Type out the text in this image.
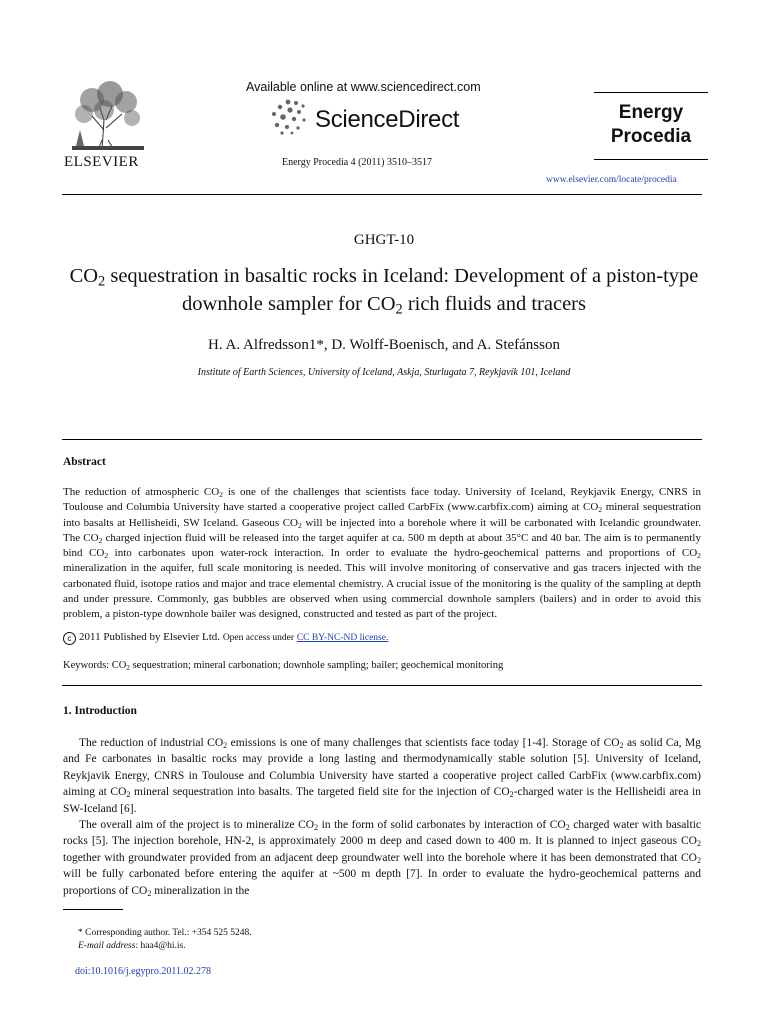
ELSEVIER
Available online at www.sciencedirect.com
ScienceDirect
Energy Procedia 4 (2011) 3510–3517
Energy
Procedia
www.elsevier.com/locate/procedia
GHGT-10
$CO_2$ sequestration in basaltic rocks in Iceland: Development of a piston-type downhole sampler for $CO_2$ rich fluids and tracers
H. A. Alfredsson1*, D. Wolff-Boenisch, and A. Stefánsson
Institute of Earth Sciences, University of Iceland, Askja, Sturlugata 7, Reykjavík 101, Iceland
Abstract

The reduction of atmospheric $CO_2$ is one of the challenges that scientists face today. University of Iceland, Reykjavik Energy, CNRS in Toulouse and Columbia University have started a cooperative project called CarbFix (www.carbfix.com) aiming at $CO_2$ mineral sequestration into basalts at Hellisheidi, SW Iceland. Gaseous $CO_2$ will be injected into a borehole where it will be carbonated with Icelandic groundwater. The $CO_2$ charged injection fluid will be released into the target aquifer at ca. 500 m depth at about 35°C and 40 bar. The aim is to permanently bind $CO_2$ into carbonates upon water-rock interaction. In order to evaluate the hydro-geochemical patterns and proportions of $CO_2$ mineralization in the aquifer, full scale monitoring is needed. This will involve monitoring of conservative and gas tracers injected with the carbonated fluid, isotope ratios and major and trace elemental chemistry. A crucial issue of the monitoring is the quality of the sampling at depth and under pressure. Commonly, gas bubbles are observed when using commercial downhole samplers (bailers) and in order to avoid this problem, a piston-type downhole bailer was designed, constructed and tested as part of the project.

c 2011 Published by Elsevier Ltd. Open access under CC BY-NC-ND license.
Keywords: $CO_2$ sequestration; mineral carbonation; downhole sampling; bailer; geochemical monitoring
1. Introduction

The reduction of industrial $CO_2$ emissions is one of many challenges that scientists face today [1-4]. Storage of $CO_2$ as solid Ca, Mg and Fe carbonates in basaltic rocks may provide a long lasting and thermodynamically stable solution [5]. University of Iceland, Reykjavik Energy, CNRS in Toulouse and Columbia University have started a cooperative project called CarbFix (www.carbfix.com) aiming at $CO_2$ mineral sequestration into basalts. The targeted field site for the injection of $CO_2$-charged water is the Hellisheidi area in SW-Iceland [6].

The overall aim of the project is to mineralize $CO_2$ in the form of solid carbonates by interaction of $CO_2$ charged water with basaltic rocks [5]. The injection borehole, HN-2, is approximately 2000 m deep and cased down to 400 m. It is planned to inject gaseous $CO_2$ together with groundwater provided from an adjacent deep groundwater well into the borehole where it has been demonstrated that $CO_2$ will be fully carbonated before entering the aquifer at ~500 m depth [7]. In order to evaluate the hydro-geochemical patterns and proportions of $CO_2$ mineralization in the

* Corresponding author. Tel.: +354 525 5248.
E-mail address: haa4@hi.is.
doi:10.1016/j.egypro.2011.02.278
